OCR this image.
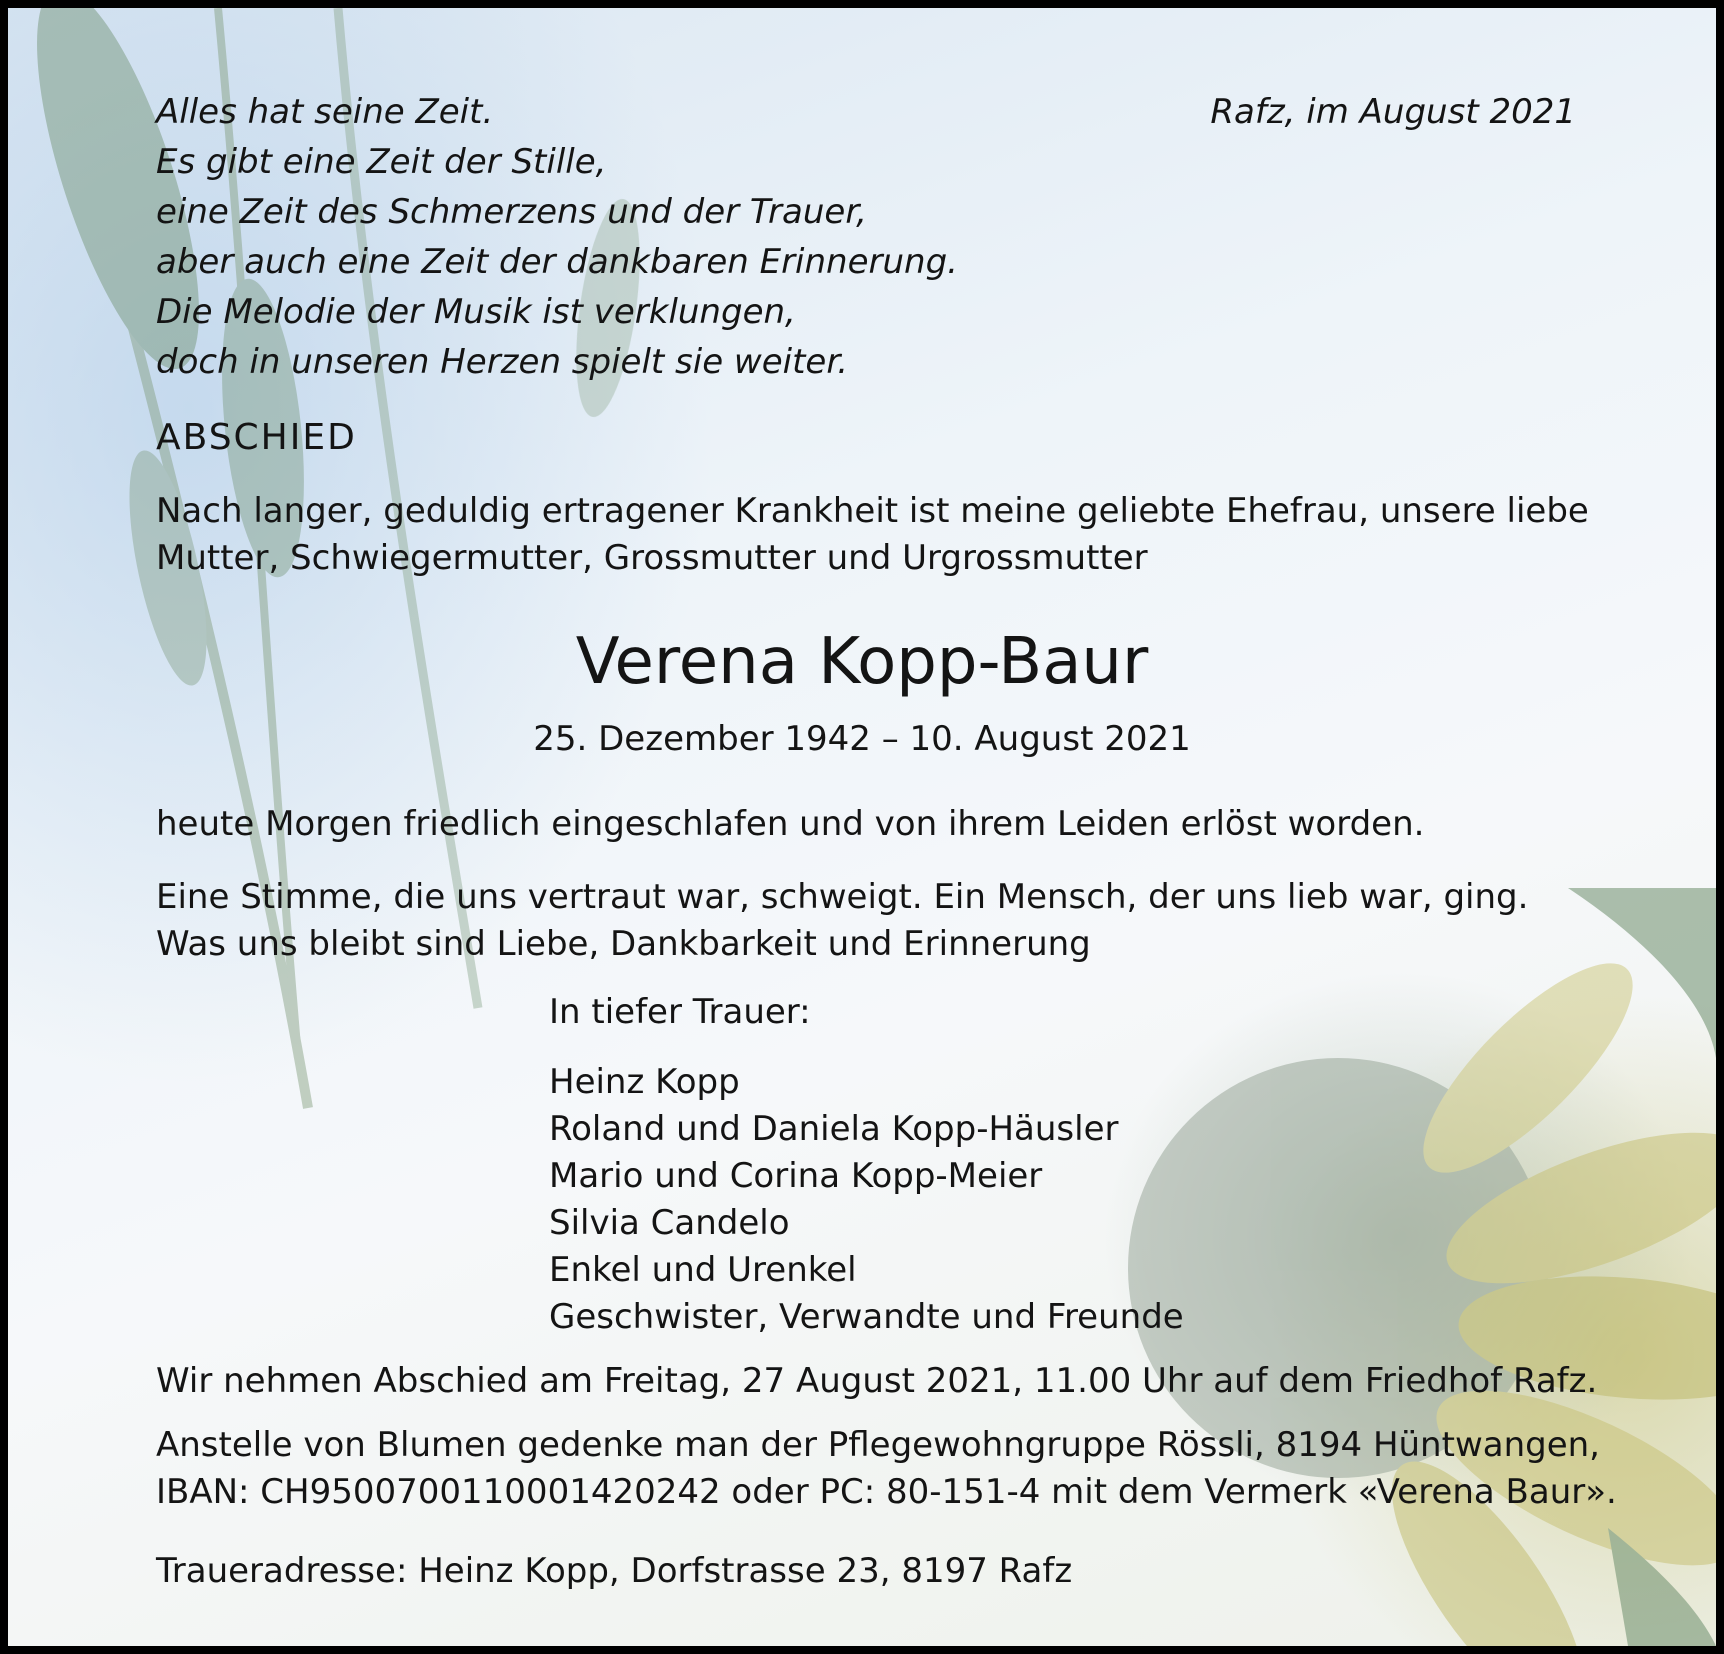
Alles hat seine Zeit.
Es gibt eine Zeit der Stille,
eine Zeit des Schmerzens und der Trauer,
aber auch eine Zeit der dankbaren Erinnerung.
Die Melodie der Musik ist verklungen,
doch in unseren Herzen spielt sie weiter.
Rafz, im August 2021
ABSCHIED
Nach langer, geduldig ertragener Krankheit ist meine geliebte Ehefrau, unsere liebe
Mutter, Schwiegermutter, Grossmutter und Urgrossmutter
Verena Kopp-Baur
25. Dezember 1942 – 10. August 2021
heute Morgen friedlich eingeschlafen und von ihrem Leiden erlöst worden.
Eine Stimme, die uns vertraut war, schweigt. Ein Mensch, der uns lieb war, ging.
Was uns bleibt sind Liebe, Dankbarkeit und Erinnerung
In tiefer Trauer:
Heinz Kopp
Roland und Daniela Kopp-Häusler
Mario und Corina Kopp-Meier
Silvia Candelo
Enkel und Urenkel
Geschwister, Verwandte und Freunde
Wir nehmen Abschied am Freitag, 27 August 2021, 11.00 Uhr auf dem Friedhof Rafz.
Anstelle von Blumen gedenke man der Pflegewohngruppe Rössli, 8194 Hüntwangen,
IBAN: CH9500700110001420242 oder PC: 80-151-4 mit dem Vermerk «Verena Baur».
Traueradresse: Heinz Kopp, Dorfstrasse 23, 8197 Rafz
